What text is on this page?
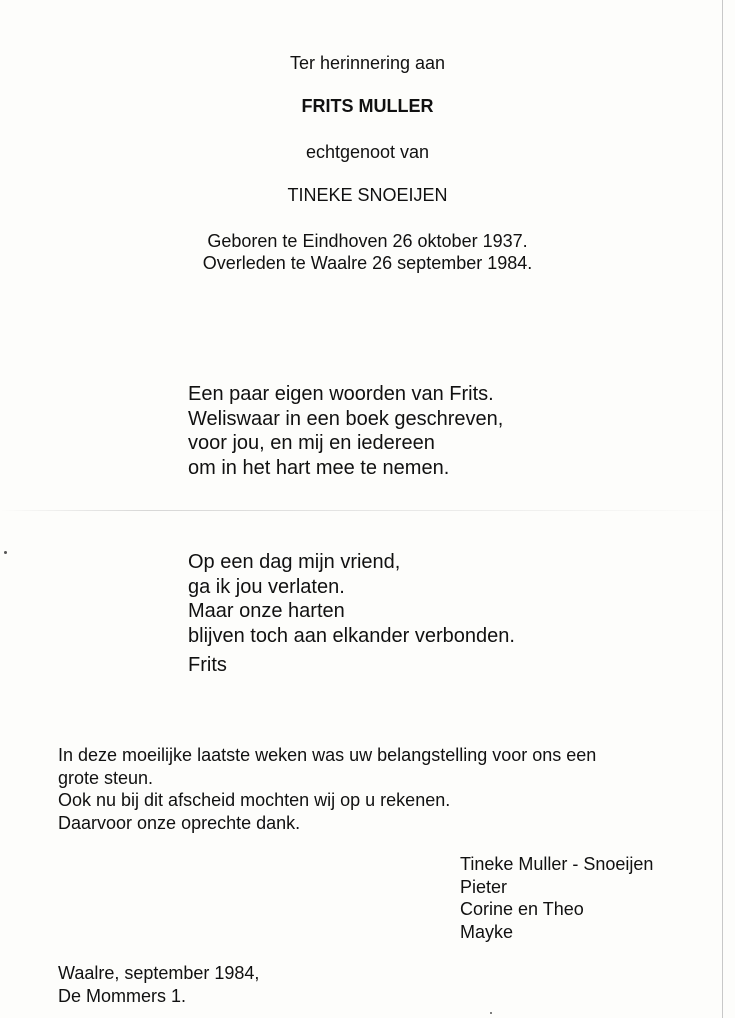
Ter herinnering aan
FRITS MULLER
echtgenoot van
TINEKE SNOEIJEN
Geboren te Eindhoven 26 oktober 1937.
Overleden te Waalre 26 september 1984.
Een paar eigen woorden van Frits.
Weliswaar in een boek geschreven,
voor jou, en mij en iedereen
om in het hart mee te nemen.
Op een dag mijn vriend,
ga ik jou verlaten.
Maar onze harten
blijven toch aan elkander verbonden.
Frits
In deze moeilijke laatste weken was uw belangstelling voor ons een
grote steun.
Ook nu bij dit afscheid mochten wij op u rekenen.
Daarvoor onze oprechte dank.
Tineke Muller - Snoeijen
Pieter
Corine en Theo
Mayke
Waalre, september 1984,
De Mommers 1.
